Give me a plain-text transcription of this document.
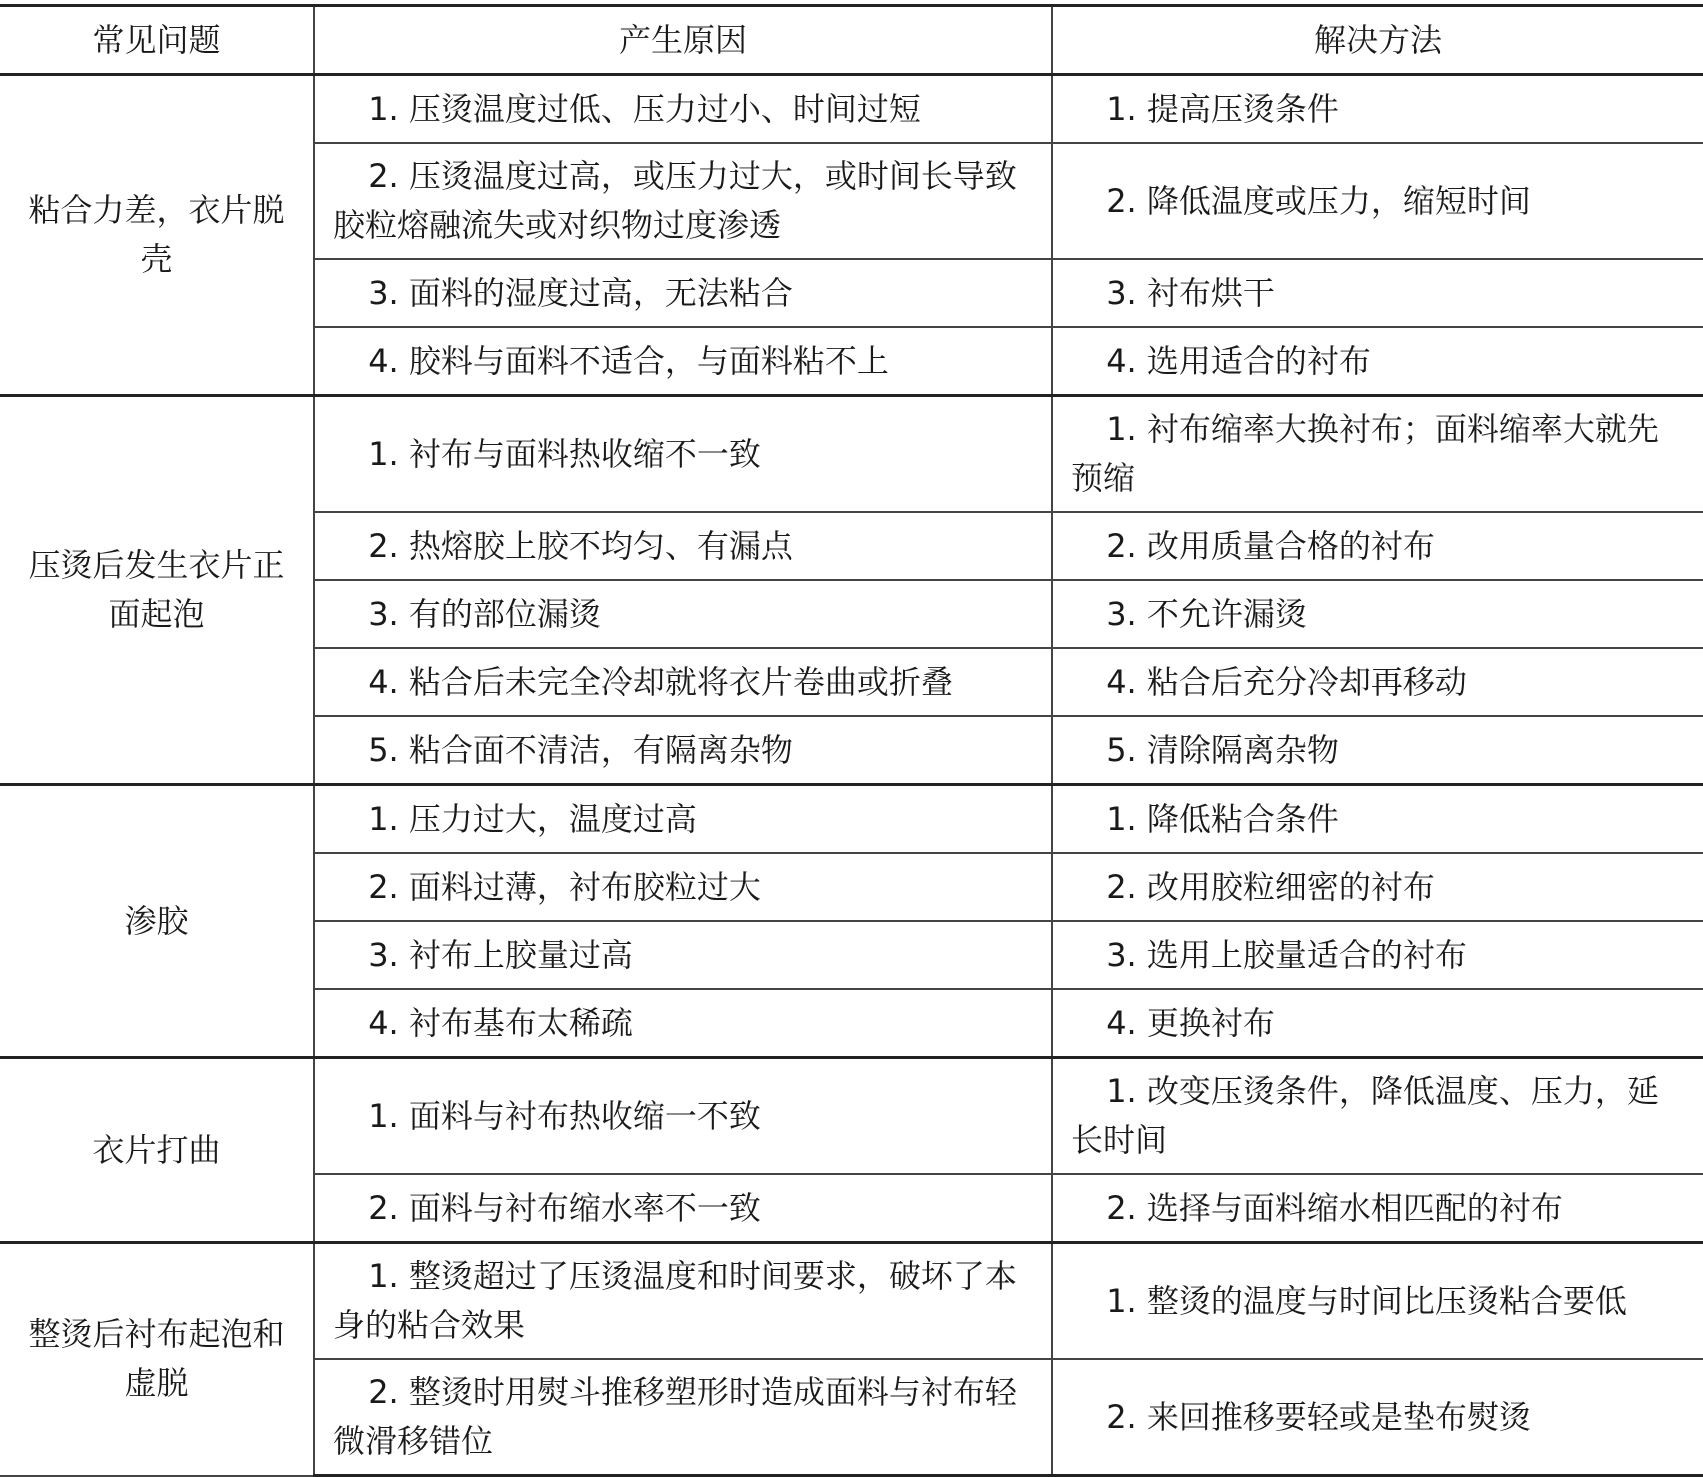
常见问题	产生原因	解决方法
粘合力差，衣片脱壳	1. 压烫温度过低、压力过小、时间过短	1. 提高压烫条件
	2. 压烫温度过高，或压力过大，或时间长导致胶粒熔融流失或对织物过度渗透	2. 降低温度或压力，缩短时间
	3. 面料的湿度过高，无法粘合	3. 衬布烘干
	4. 胶料与面料不适合，与面料粘不上	4. 选用适合的衬布
压烫后发生衣片正面起泡	1. 衬布与面料热收缩不一致	1. 衬布缩率大换衬布；面料缩率大就先预缩
	2. 热熔胶上胶不均匀、有漏点	2. 改用质量合格的衬布
	3. 有的部位漏烫	3. 不允许漏烫
	4. 粘合后未完全冷却就将衣片卷曲或折叠	4. 粘合后充分冷却再移动
	5. 粘合面不清洁，有隔离杂物	5. 清除隔离杂物
渗胶	1. 压力过大，温度过高	1. 降低粘合条件
	2. 面料过薄，衬布胶粒过大	2. 改用胶粒细密的衬布
	3. 衬布上胶量过高	3. 选用上胶量适合的衬布
	4. 衬布基布太稀疏	4. 更换衬布
衣片打曲	1. 面料与衬布热收缩一不致	1. 改变压烫条件，降低温度、压力，延长时间
	2. 面料与衬布缩水率不一致	2. 选择与面料缩水相匹配的衬布
整烫后衬布起泡和虚脱	1. 整烫超过了压烫温度和时间要求，破坏了本身的粘合效果	1. 整烫的温度与时间比压烫粘合要低
	2. 整烫时用熨斗推移塑形时造成面料与衬布轻微滑移错位	2. 来回推移要轻或是垫布熨烫
